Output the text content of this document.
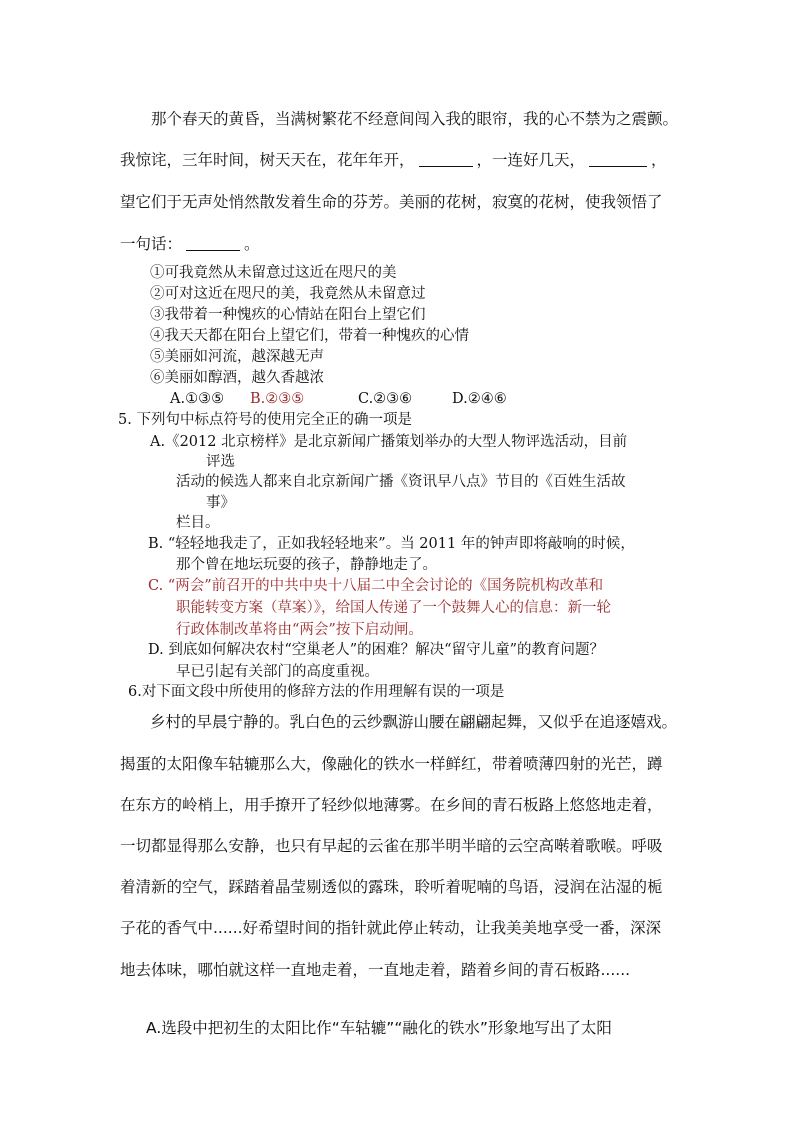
那个春天的黄昏，当满树繁花不经意间闯入我的眼帘，我的心不禁为之震颤。
我惊诧，三年时间，树天天在，花年年开，	，一连好几天，	，
望它们于无声处悄然散发着生命的芬芳。美丽的花树，寂寞的花树，使我领悟了
一句话：	。
①可我竟然从未留意过这近在咫尺的美
②可对这近在咫尺的美，我竟然从未留意过
③我带着一种愧疚的心情站在阳台上望它们
④我天天都在阳台上望它们，带着一种愧疚的心情
⑤美丽如河流，越深越无声
⑥美丽如醇酒，越久香越浓
A.①③⑤ B.②③⑤	C.②③⑥	D.②④⑥
5. 下列句中标点符号的使用完全正的确一项是
A.《2012 北京榜样》是北京新闻广播策划举办的大型人物评选活动，目前
评选
活动的候选人都来自北京新闻广播《资讯早八点》节目的《百姓生活故
事》
栏目。
B. “轻轻地我走了，正如我轻轻地来”。当 2011 年的钟声即将敲响的时候，
那个曾在地坛玩耍的孩子，静静地走了。
C. “两会”前召开的中共中央十八届二中全会讨论的《国务院机构改革和
职能转变方案（草案）》，给国人传递了一个鼓舞人心的信息：新一轮
行政体制改革将由“两会”按下启动闸。
D. 到底如何解决农村“空巢老人”的困难？解决“留守儿童”的教育问题？
早已引起有关部门的高度重视。
6.对下面文段中所使用的修辞方法的作用理解有误的一项是
乡村的早晨宁静的。乳白色的云纱飘游山腰在翩翩起舞，又似乎在追逐嬉戏。
揭蛋的太阳像车轱辘那么大，像融化的铁水一样鲜红，带着喷薄四射的光芒，蹲
在东方的岭梢上，用手撩开了轻纱似地薄雾。在乡间的青石板路上悠悠地走着，
一切都显得那么安静，也只有早起的云雀在那半明半暗的云空高啭着歌喉。呼吸
着清新的空气，踩踏着晶莹剔透似的露珠，聆听着呢喃的鸟语，浸润在沾湿的栀
子花的香气中......好希望时间的指针就此停止转动，让我美美地享受一番，深深
地去体味，哪怕就这样一直地走着，一直地走着，踏着乡间的青石板路......
A.选段中把初生的太阳比作“车轱辘”“融化的铁水”形象地写出了太阳
